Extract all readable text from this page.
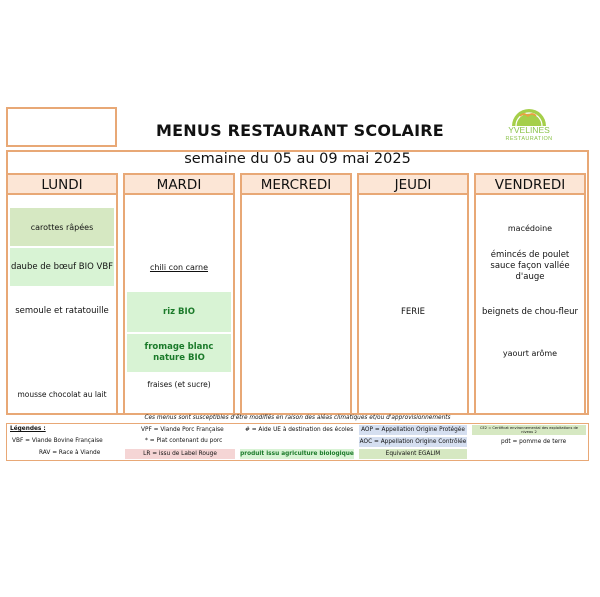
MENUS RESTAURANT SCOLAIRE	YVELINES
RESTAURATION
semaine du 05 au 09 mai 2025
LUNDI
carottes râpées
daube de bœuf BIO VBF
semoule et ratatouille
mousse chocolat au lait
MARDI
chili con carne
riz BIO
fromage blanc nature BIO
fraises (et sucre)
MERCREDI	JEUDI
FERIE
VENDREDI
macédoine
émincés de poulet sauce façon vallée d'auge
beignets de chou-fleur
yaourt arôme
Ces menus sont susceptibles d'être modifiés en raison des aléas climatiques et/ou d'approvisionnements
Légendes :
VBF = Viande Bovine Française
RAV = Race à Viande
VPF = Viande Porc Française
* = Plat contenant du porc
LR = issu de Label Rouge
# = Aide UE à destination des écoles
produit issu agriculture biologique
AOP = Appellation Origine Protégée
AOC = Appellation Origine Contrôlée
Equivalent EGALIM
CE2 = Certificat environnemental des exploitations de niveau 2
pdt = pomme de terre
